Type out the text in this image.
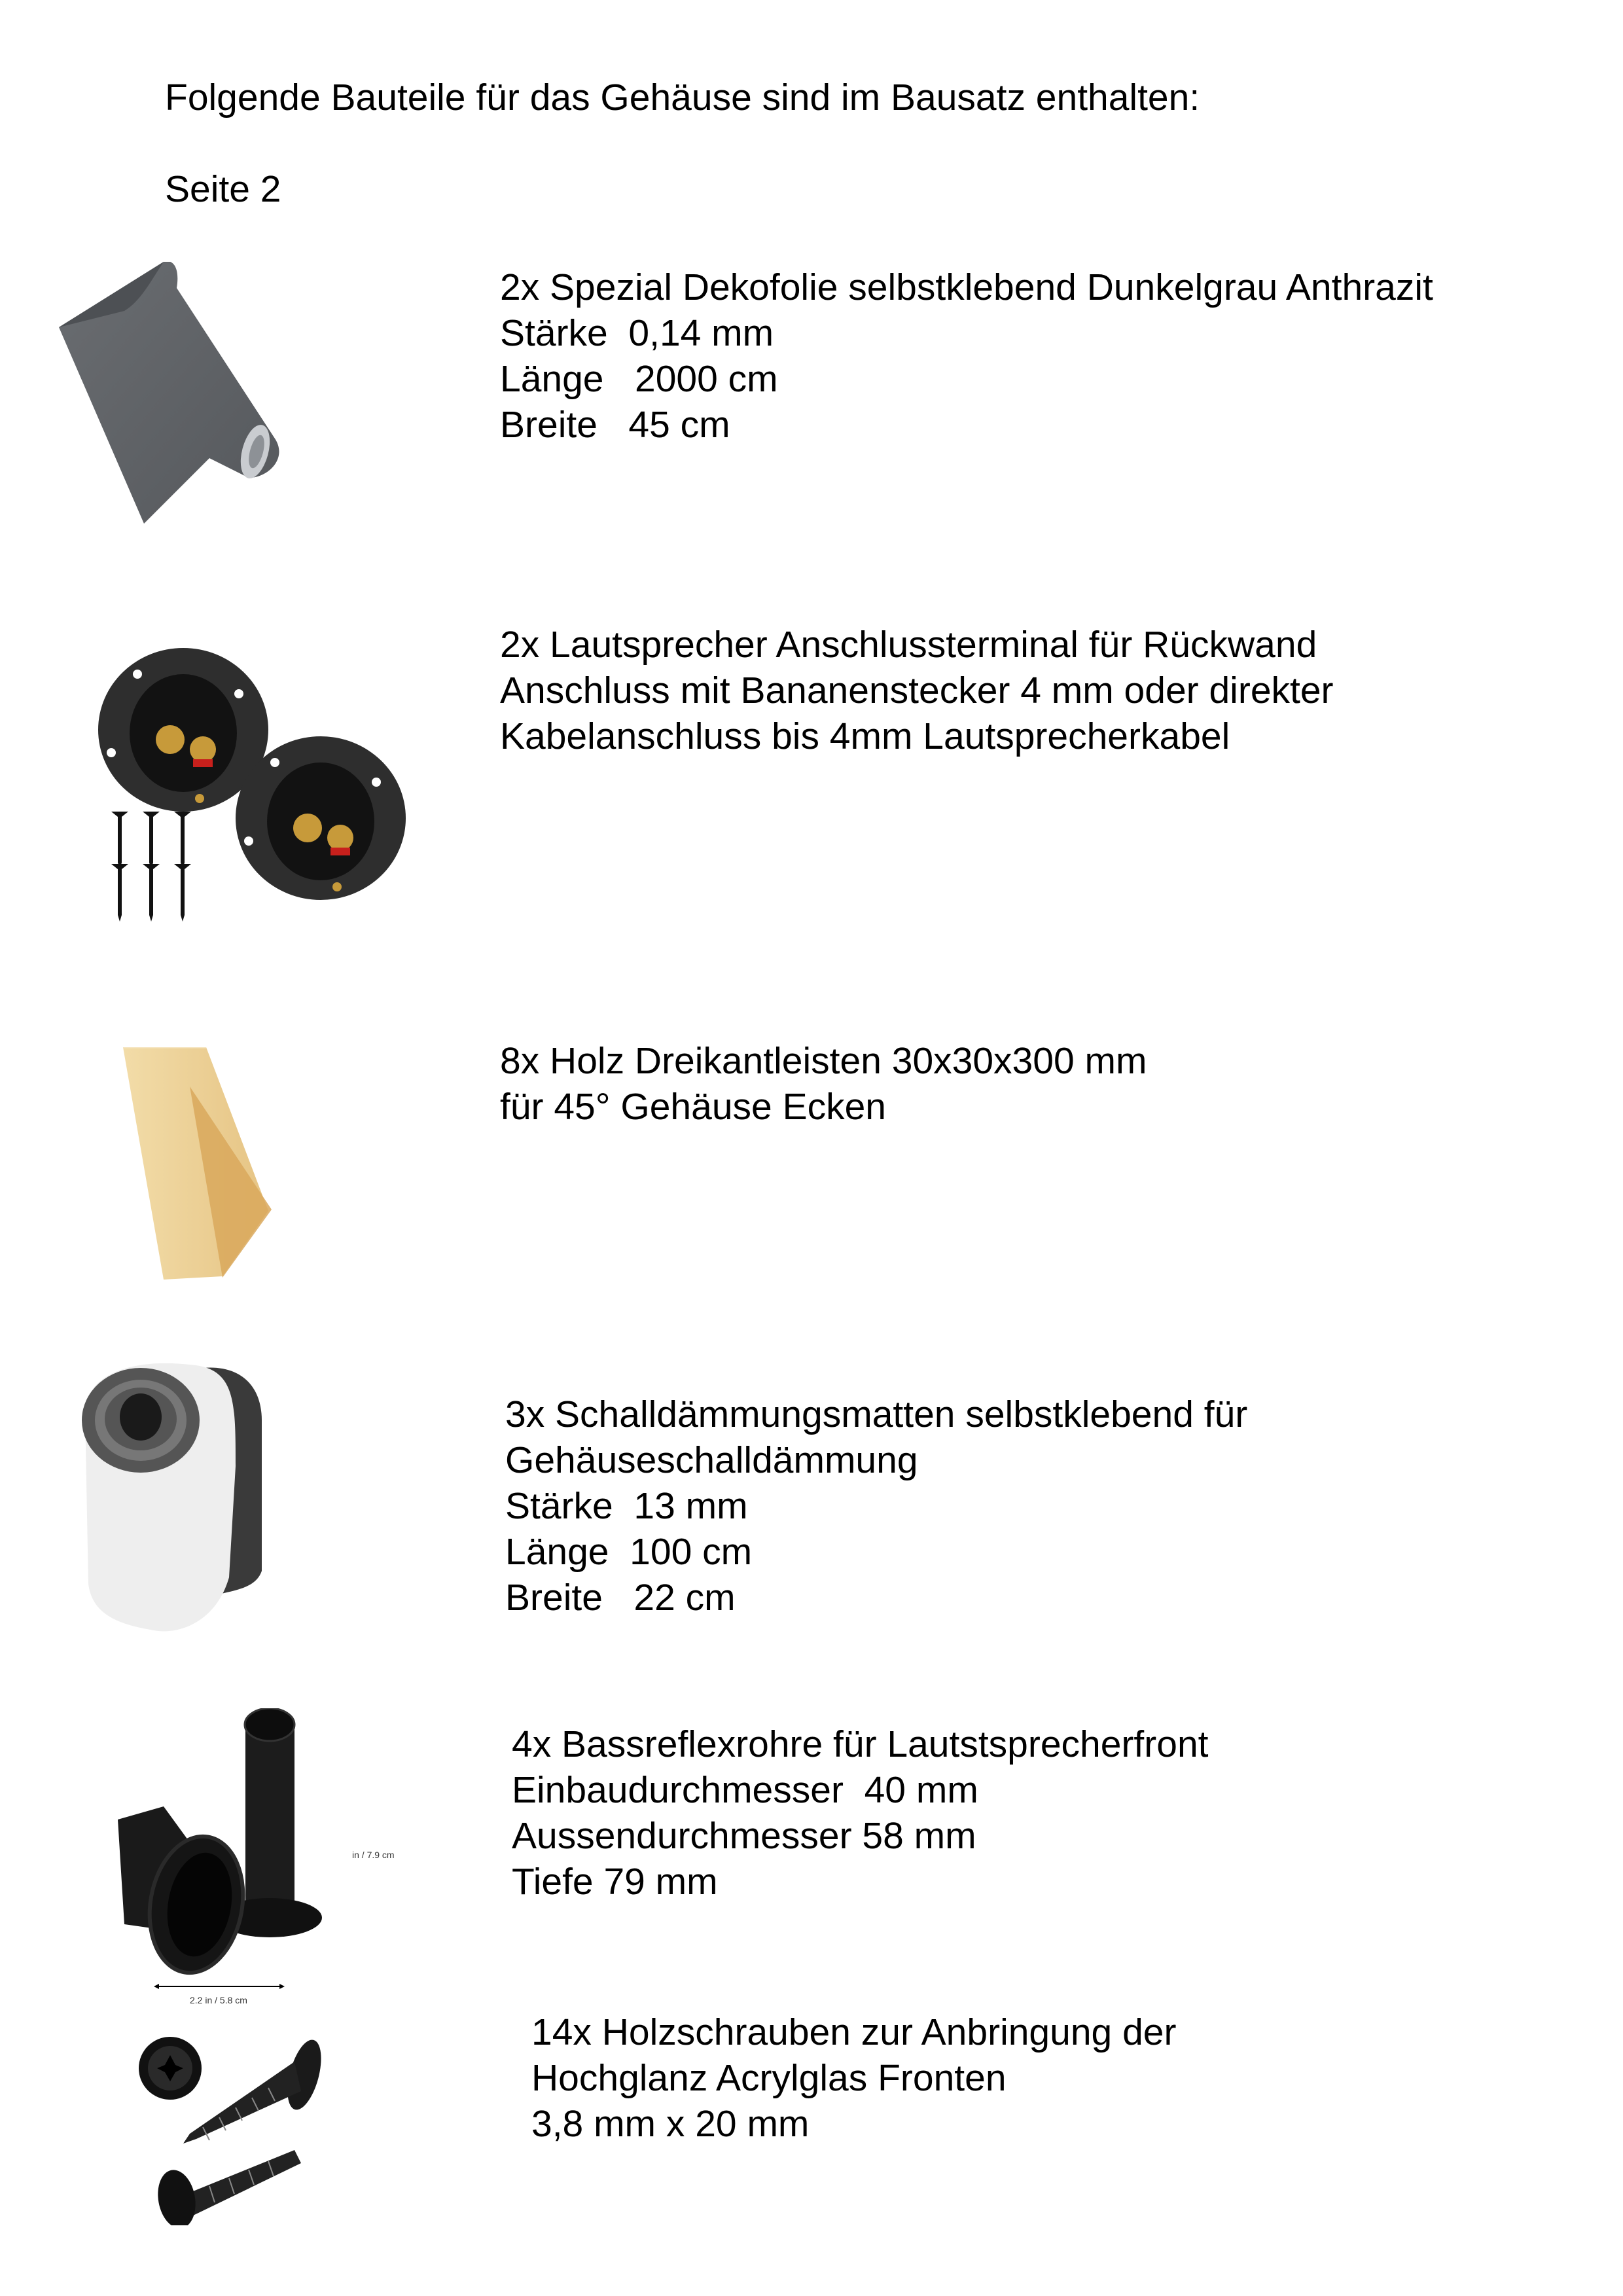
Folgende Bauteile für das Gehäuse sind im Bausatz enthalten:
Seite 2
2x Spezial Dekofolie selbstklebend Dunkelgrau Anthrazit
Stärke  0,14 mm
Länge   2000 cm
Breite   45 cm
2x Lautsprecher Anschlussterminal für Rückwand
Anschluss mit Bananenstecker 4 mm oder direkter
Kabelanschluss bis 4mm Lautsprecherkabel
8x Holz Dreikantleisten 30x30x300 mm
für 45° Gehäuse Ecken
3x Schalldämmungsmatten selbstklebend für
Gehäuseschalldämmung
Stärke  13 mm
Länge  100 cm
Breite   22 cm
in / 7.9 cm
2.2 in / 5.8 cm
4x Bassreflexrohre für Lautstsprecherfront
Einbaudurchmesser  40 mm
Aussendurchmesser 58 mm
Tiefe 79 mm
14x Holzschrauben zur Anbringung der
Hochglanz Acrylglas Fronten
3,8 mm x 20 mm
